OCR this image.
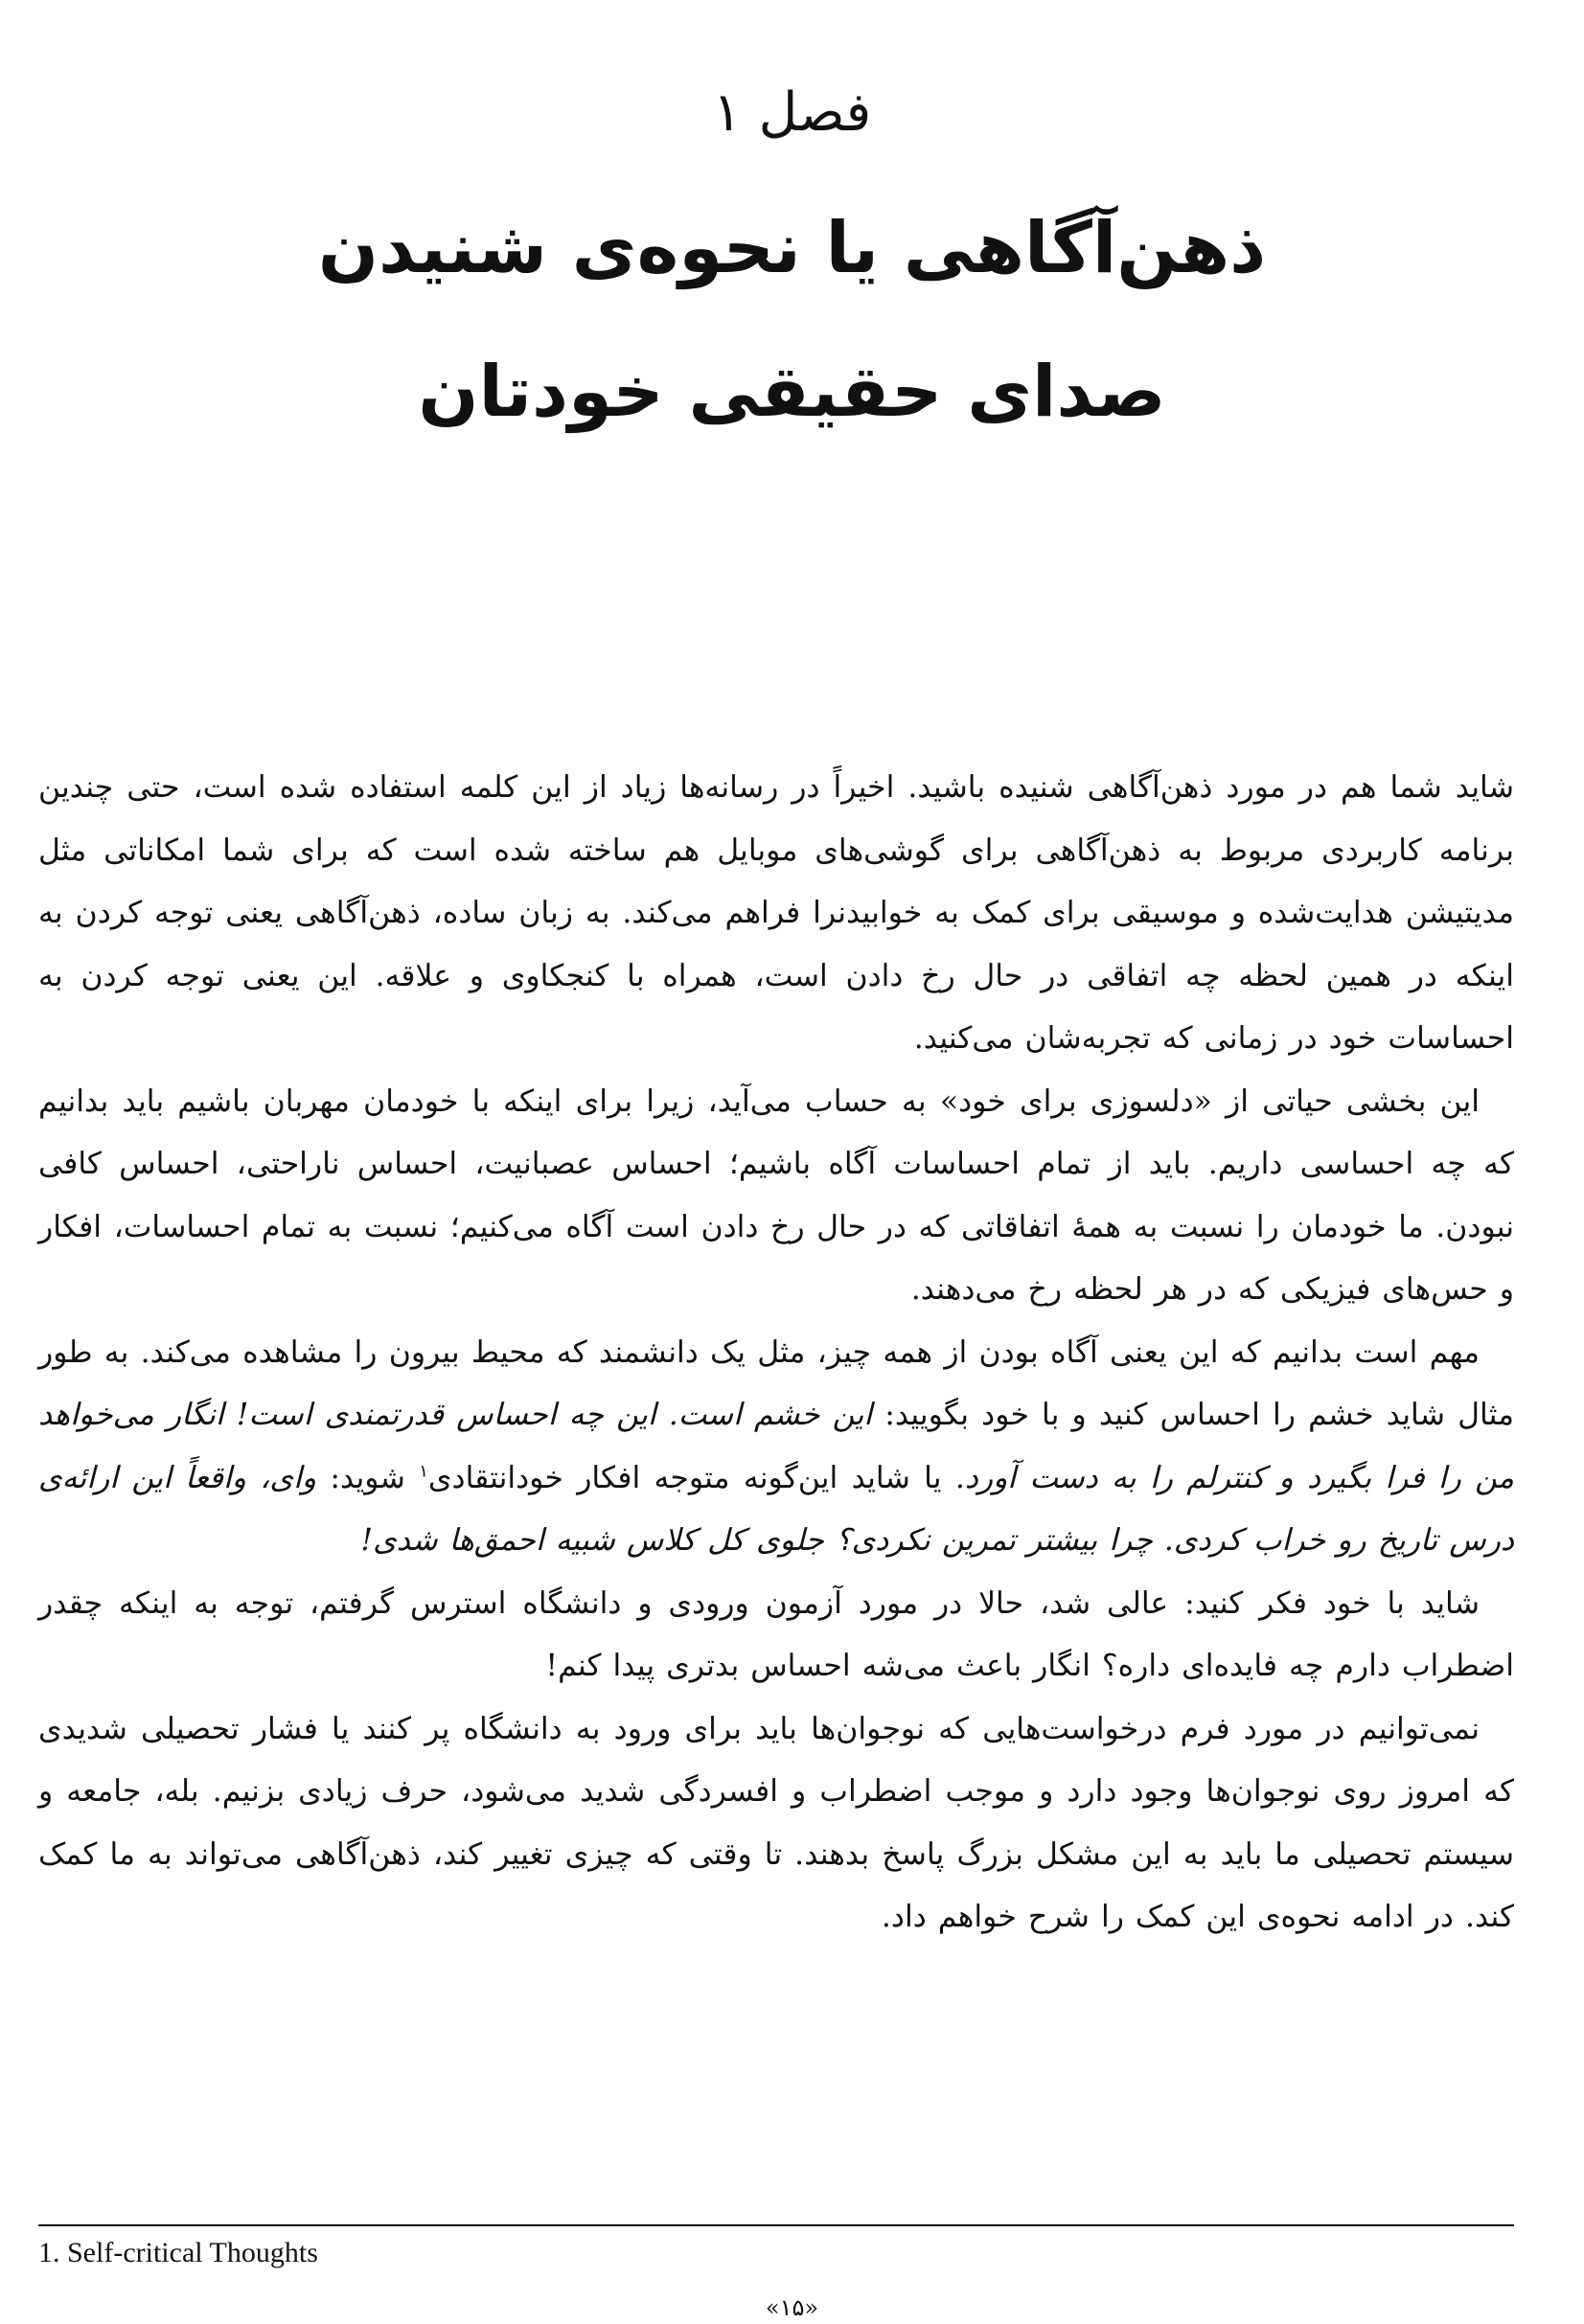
فصل ۱
ذهن‌آگاهی یا نحوه‌ی شنیدن
صدای حقیقی خودتان

شاید شما هم در مورد ذهن‌آگاهی شنیده باشید. اخیراً در رسانه‌ها زیاد از این کلمه استفاده شده است، حتی چندین برنامه کاربردی مربوط به ذهن‌آگاهی برای گوشی‌های موبایل هم ساخته شده است که برای شما امکاناتی مثل مدیتیشن هدایت‌شده و موسیقی برای کمک به خوابیدنرا فراهم می‌کند. به زبان ساده، ذهن‌آگاهی یعنی توجه کردن به اینکه در همین لحظه چه اتفاقی در حال رخ دادن است، همراه با کنجکاوی و علاقه. این یعنی توجه کردن به احساسات خود در زمانی که تجربه‌شان می‌کنید.

این بخشی حیاتی از «دلسوزی برای خود» به حساب می‌آید، زیرا برای اینکه با خودمان مهربان باشیم باید بدانیم که چه احساسی داریم. باید از تمام احساسات آگاه باشیم؛ احساس عصبانیت، احساس ناراحتی، احساس کافی نبودن. ما خودمان را نسبت به همهٔ اتفاقاتی که در حال رخ دادن است آگاه می‌کنیم؛ نسبت به تمام احساسات، افکار و حس‌های فیزیکی که در هر لحظه رخ می‌دهند.

مهم است بدانیم که این یعنی آگاه بودن از همه چیز، مثل یک دانشمند که محیط بیرون را مشاهده می‌کند. به طور مثال شاید خشم را احساس کنید و با خود بگویید: این خشم است. این چه احساس قدرتمندی است! انگار می‌خواهد من را فرا بگیرد و کنترلم را به دست آورد. یا شاید این‌گونه متوجه افکار خودانتقادی$^۱$ شوید: وای، واقعاً این ارائه‌ی درس تاریخ رو خراب کردی. چرا بیشتر تمرین نکردی؟ جلوی کل کلاس شبیه احمق‌ها شدی!

شاید با خود فکر کنید: عالی شد، حالا در مورد آزمون ورودی و دانشگاه استرس گرفتم، توجه به اینکه چقدر اضطراب دارم چه فایده‌ای داره؟ انگار باعث می‌شه احساس بدتری پیدا کنم!

نمی‌توانیم در مورد فرم درخواست‌هایی که نوجوان‌ها باید برای ورود به دانشگاه پر کنند یا فشار تحصیلی شدیدی که امروز روی نوجوان‌ها وجود دارد و موجب اضطراب و افسردگی شدید می‌شود، حرف زیادی بزنیم. بله، جامعه و سیستم تحصیلی ما باید به این مشکل بزرگ پاسخ بدهند. تا وقتی که چیزی تغییر کند، ذهن‌آگاهی می‌تواند به ما کمک کند. در ادامه نحوه‌ی این کمک را شرح خواهم داد.

1. Self-critical Thoughts
«۱۵»
